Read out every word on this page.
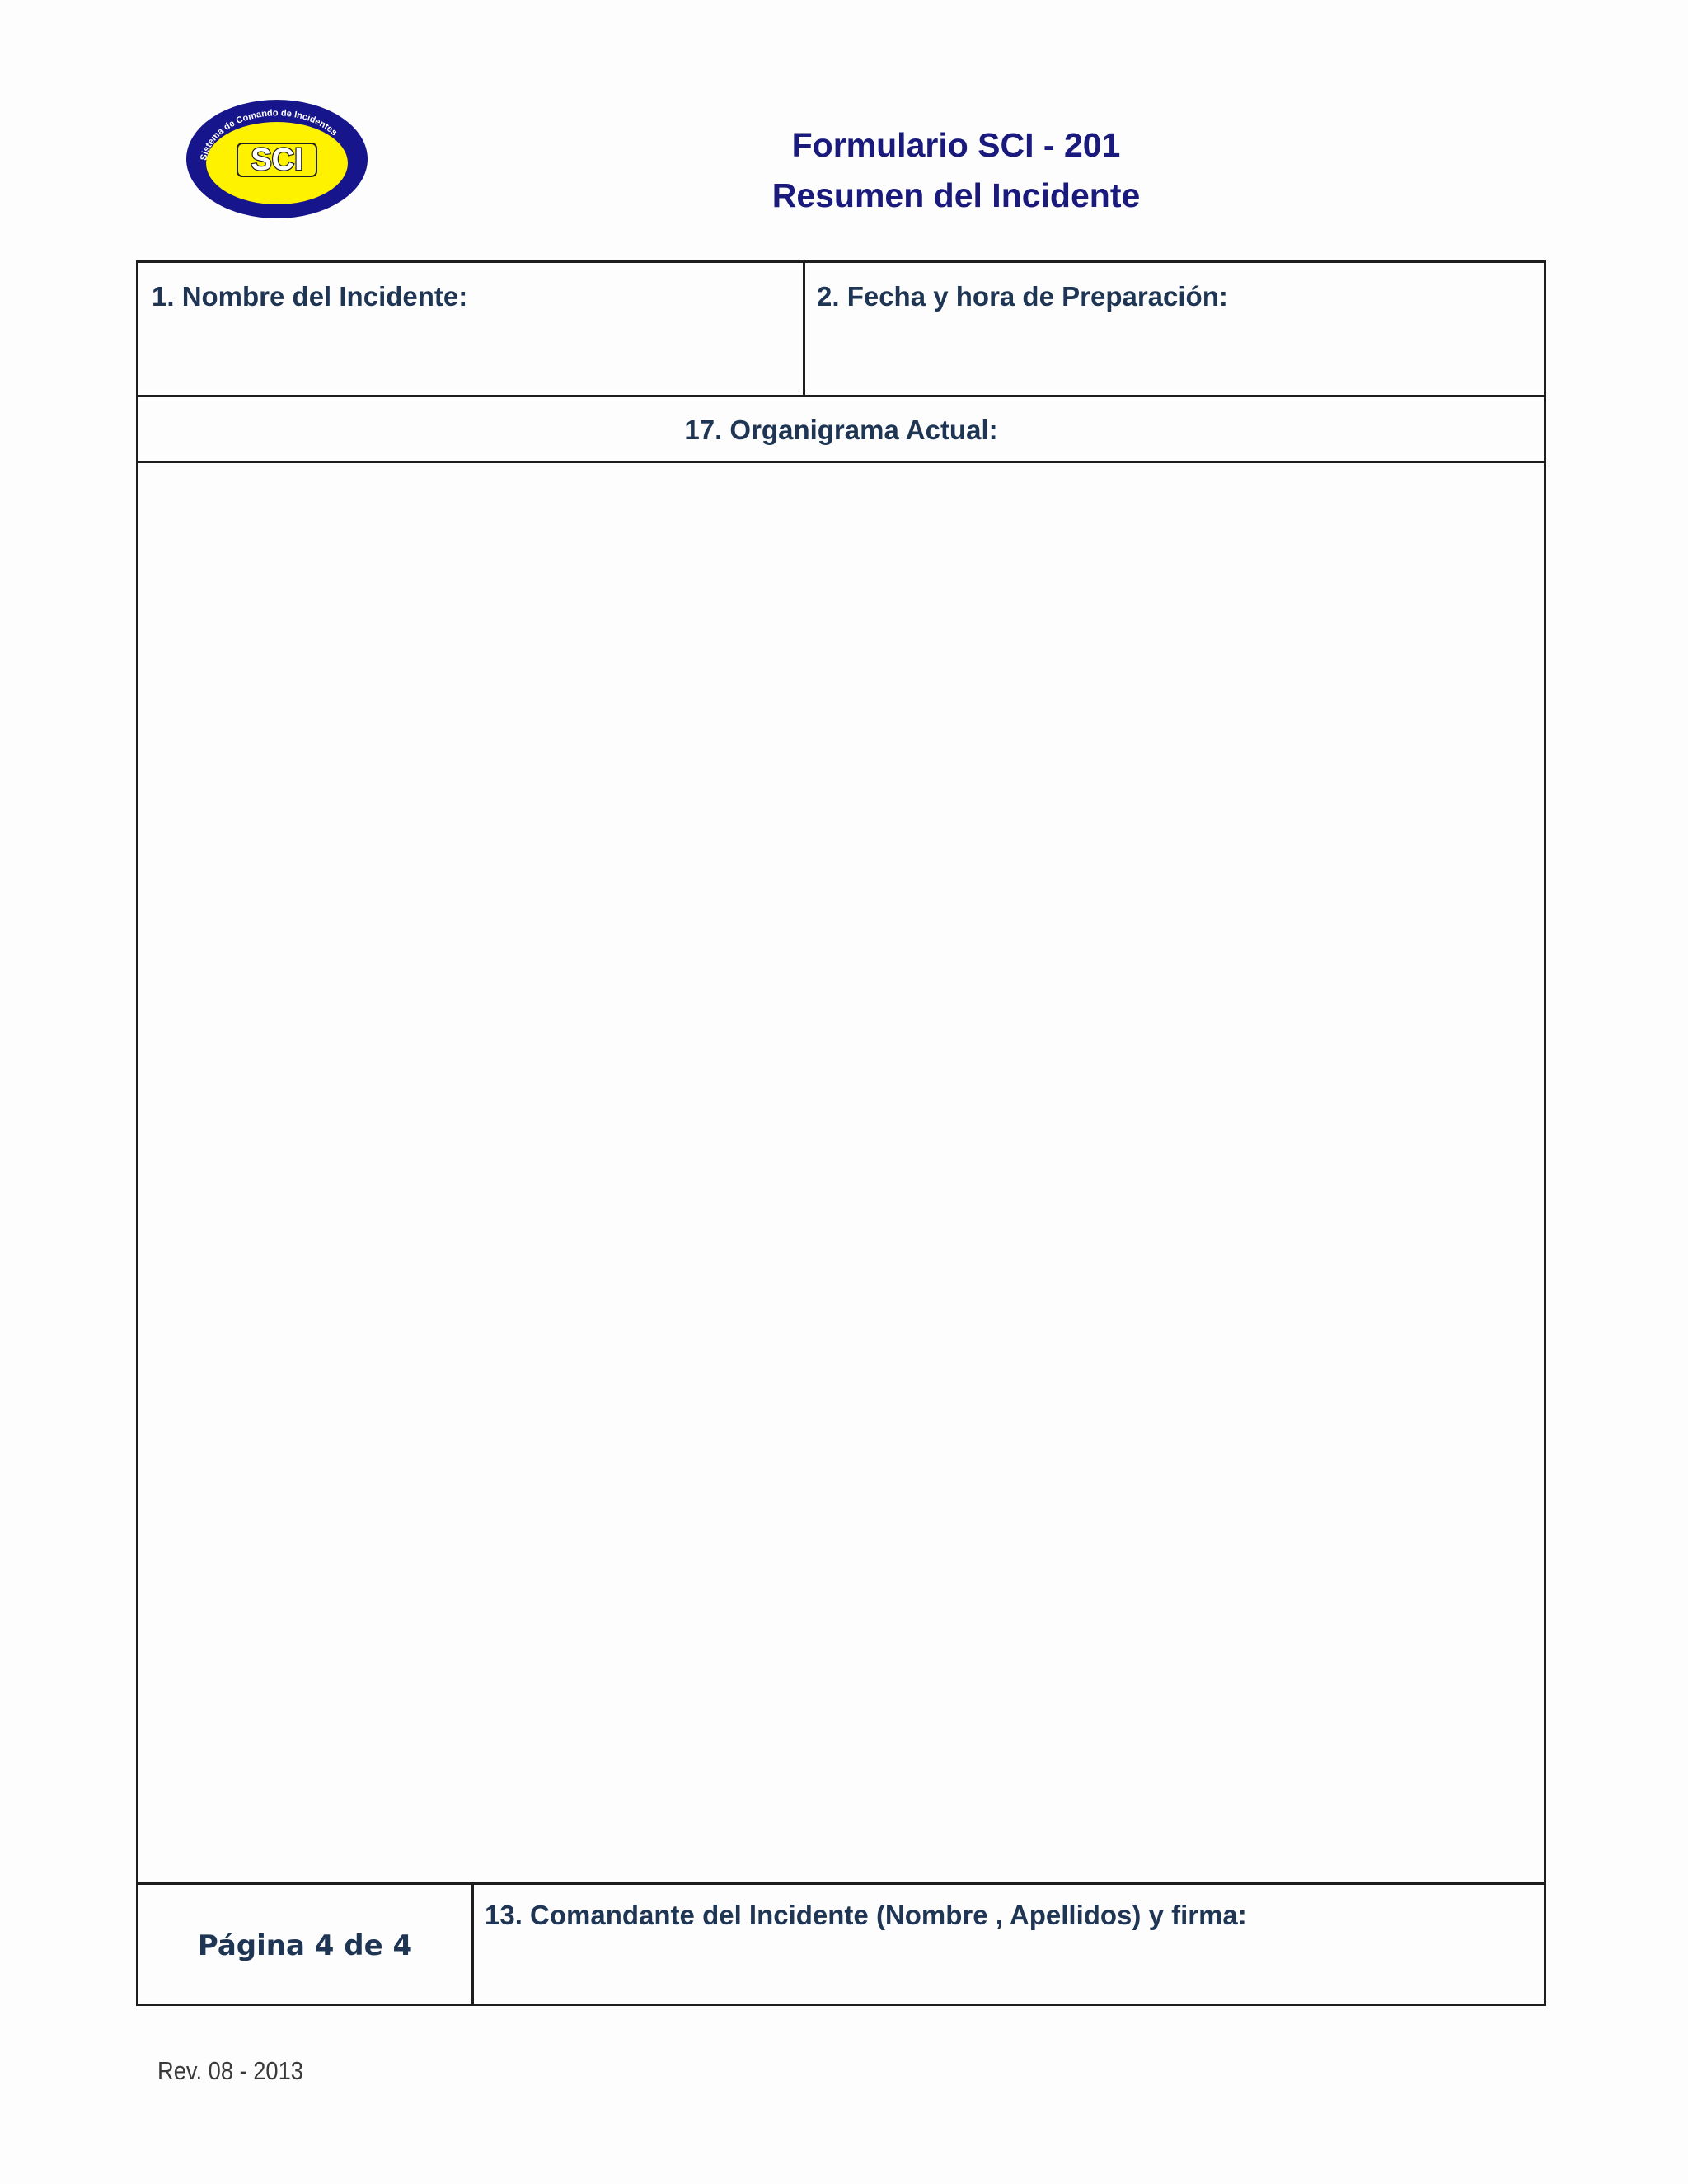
Sistema de Comando de Incidentes
SCI	Formulario SCI - 201
Resumen del Incidente
1. Nombre del Incidente:	2. Fecha y hora de Preparación:
17. Organigrama Actual:
Página 4 de 4
13. Comandante del Incidente (Nombre , Apellidos) y firma:
Rev. 08 - 2013
